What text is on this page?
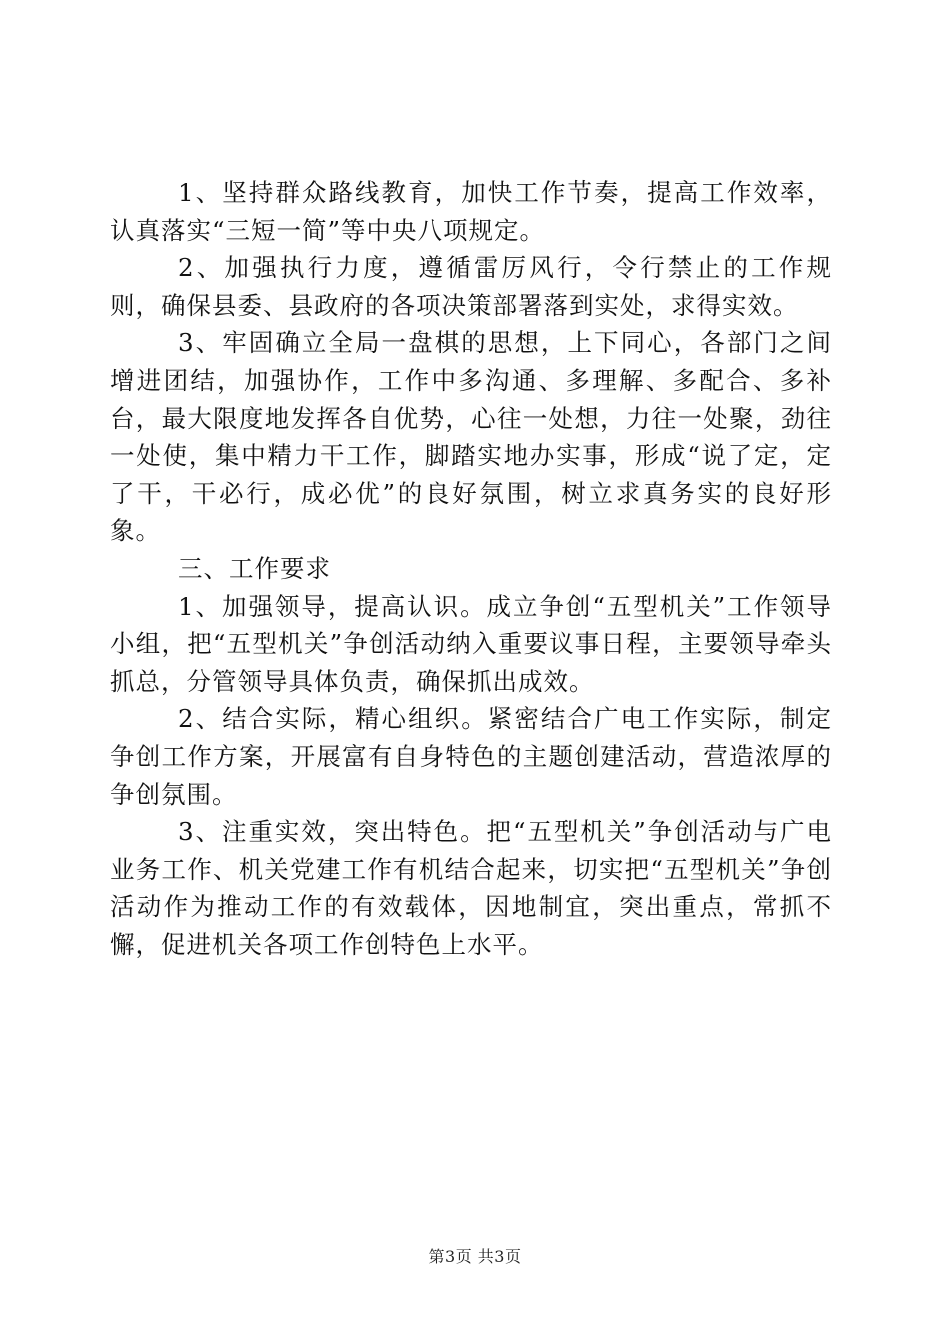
1、坚持群众路线教育，加快工作节奏，提高工作效率，认真落实“三短一简”等中央八项规定。

2、加强执行力度，遵循雷厉风行，令行禁止的工作规则，确保县委、县政府的各项决策部署落到实处，求得实效。

3、牢固确立全局一盘棋的思想，上下同心，各部门之间增进团结，加强协作，工作中多沟通、多理解、多配合、多补台，最大限度地发挥各自优势，心往一处想，力往一处聚，劲往一处使，集中精力干工作，脚踏实地办实事，形成“说了定，定了干，干必行，成必优”的良好氛围，树立求真务实的良好形象。

三、工作要求

1、加强领导，提高认识。成立争创“五型机关”工作领导小组，把“五型机关”争创活动纳入重要议事日程，主要领导牵头抓总，分管领导具体负责，确保抓出成效。

2、结合实际，精心组织。紧密结合广电工作实际，制定争创工作方案，开展富有自身特色的主题创建活动，营造浓厚的争创氛围。

3、注重实效，突出特色。把“五型机关”争创活动与广电业务工作、机关党建工作有机结合起来，切实把“五型机关”争创活动作为推动工作的有效载体，因地制宜，突出重点，常抓不懈，促进机关各项工作创特色上水平。

第3页 共3页
